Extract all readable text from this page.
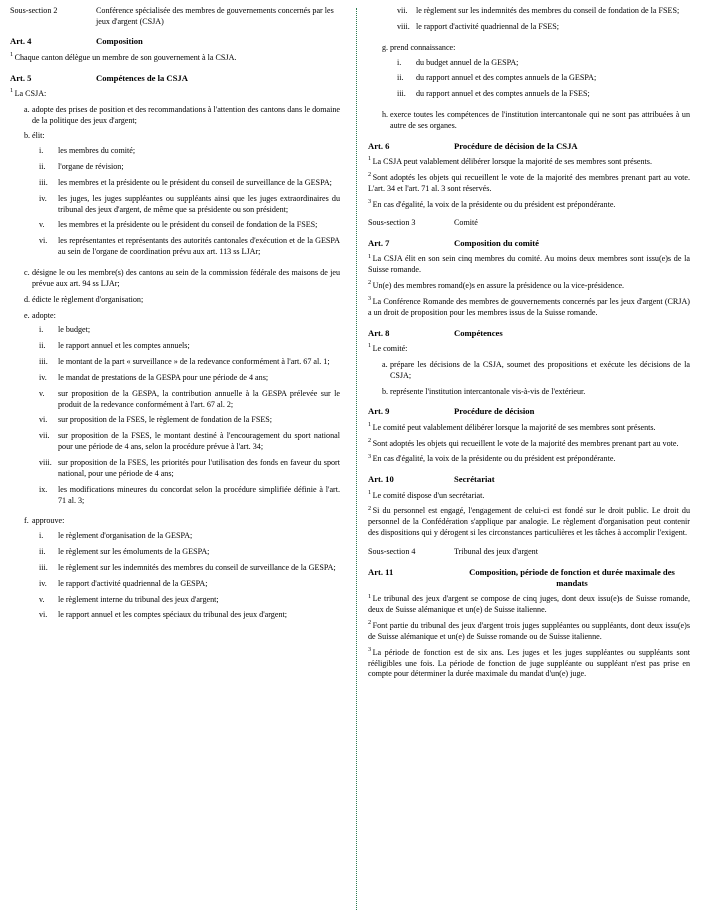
Sous-section 2	Conférence spécialisée des membres de gouvernements concernés par les jeux d'argent (CSJA)
Art. 4	Composition

$^1$ Chaque canton délègue un membre de son gouvernement à la CSJA.

Art. 5	Compétences de la CSJA

$^1$ La CSJA:

a. adopte des prises de position et des recommandations à l'attention des cantons dans le domaine de la politique des jeux d'argent;
b. élit:
i.	les membres du comité;
ii.	l'organe de révision;
iii.	les membres et la présidente ou le président du conseil de surveillance de la GESPA;
iv.	les juges, les juges suppléantes ou suppléants ainsi que les juges extraordinaires du tribunal des jeux d'argent, de même que sa présidente ou son président;
v.	les membres et la présidente ou le président du conseil de fondation de la FSES;
vi.	les représentantes et représentants des autorités cantonales d'exécution et de la GESPA au sein de l'organe de coordination prévu aux art. 113 ss LJAr;
c. désigne le ou les membre(s) des cantons au sein de la commission fédérale des maisons de jeu prévue aux art. 94 ss LJAr;
d. édicte le règlement d'organisation;
e. adopte:
i.	le budget;
ii.	le rapport annuel et les comptes annuels;
iii.	le montant de la part « surveillance » de la redevance conformément à l'art. 67 al. 1;
iv.	le mandat de prestations de la GESPA pour une période de 4 ans;
v.	sur proposition de la GESPA, la contribution annuelle à la GESPA prélevée sur le produit de la redevance conformément à l'art. 67 al. 2;
vi.	sur proposition de la FSES, le règlement de fondation de la FSES;
vii.	sur proposition de la FSES, le montant destiné à l'encouragement du sport national pour une période de 4 ans, selon la procédure prévue à l'art. 34;
viii. sur proposition de la FSES, les priorités pour l'utilisation des fonds en faveur du sport national, pour une période de 4 ans;
ix.	les modifications mineures du concordat selon la procédure simplifiée définie à l'art. 71 al. 3;
f. approuve:
i.	le règlement d'organisation de la GESPA;
ii.	le règlement sur les émoluments de la GESPA;
iii.	le règlement sur les indemnités des membres du conseil de surveillance de la GESPA;
iv.	le rapport d'activité quadriennal de la GESPA;
v.	le règlement interne du tribunal des jeux d'argent;
vi.	le rapport annuel et les comptes spéciaux du tribunal des jeux d'argent;
vii.	le règlement sur les indemnités des membres du conseil de fondation de la FSES;
viii. le rapport d'activité quadriennal de la FSES;
g. prend connaissance:
i.	du budget annuel de la GESPA;
ii.	du rapport annuel et des comptes annuels de la GESPA;
iii.	du rapport annuel et des comptes annuels de la FSES;
h. exerce toutes les compétences de l'institution intercantonale qui ne sont pas attribuées à un autre de ses organes.
Art. 6	Procédure de décision de la CSJA

$^1$ La CSJA peut valablement délibérer lorsque la majorité de ses membres sont présents.

$^2$ Sont adoptés les objets qui recueillent le vote de la majorité des membres prenant part au vote. L'art. 34 et l'art. 71 al. 3 sont réservés.

$^3$ En cas d'égalité, la voix de la présidente ou du président est prépondérante.

Sous-section 3	Comité
Art. 7	Composition du comité

$^1$ La CSJA élit en son sein cinq membres du comité. Au moins deux membres sont issu(e)s de la Suisse romande.

$^2$ Un(e) des membres romand(e)s en assure la présidence ou la vice-présidence.

$^3$ La Conférence Romande des membres de gouvernements concernés par les jeux d'argent (CRJA) a un droit de proposition pour les membres issus de la Suisse romande.

Art. 8	Compétences

$^1$ Le comité:

a. prépare les décisions de la CSJA, soumet des propositions et exécute les décisions de la CSJA;
b. représente l'institution intercantonale vis-à-vis de l'extérieur.
Art. 9	Procédure de décision

$^1$ Le comité peut valablement délibérer lorsque la majorité de ses membres sont présents.

$^2$ Sont adoptés les objets qui recueillent le vote de la majorité des membres prenant part au vote.

$^3$ En cas d'égalité, la voix de la présidente ou du président est prépondérante.

Art. 10	Secrétariat

$^1$ Le comité dispose d'un secrétariat.

$^2$ Si du personnel est engagé, l'engagement de celui-ci est fondé sur le droit public. Le droit du personnel de la Confédération s'applique par analogie. Le règlement d'organisation peut contenir des dispositions qui y dérogent si les circonstances particulières et les tâches à accomplir l'exigent.

Sous-section 4	Tribunal des jeux d'argent
Art. 11	Composition, période de fonction et durée maximale des mandats

$^1$ Le tribunal des jeux d'argent se compose de cinq juges, dont deux issu(e)s de Suisse romande, deux de Suisse alémanique et un(e) de Suisse italienne.

$^2$ Font partie du tribunal des jeux d'argent trois juges suppléantes ou suppléants, dont deux issu(e)s de Suisse alémanique et un(e) de Suisse romande ou de Suisse italienne.

$^3$ La période de fonction est de six ans. Les juges et les juges suppléantes ou suppléants sont rééligibles une fois. La période de fonction de juge suppléante ou suppléant n'est pas prise en compte pour déterminer la durée maximale du mandat d'un(e) juge.
